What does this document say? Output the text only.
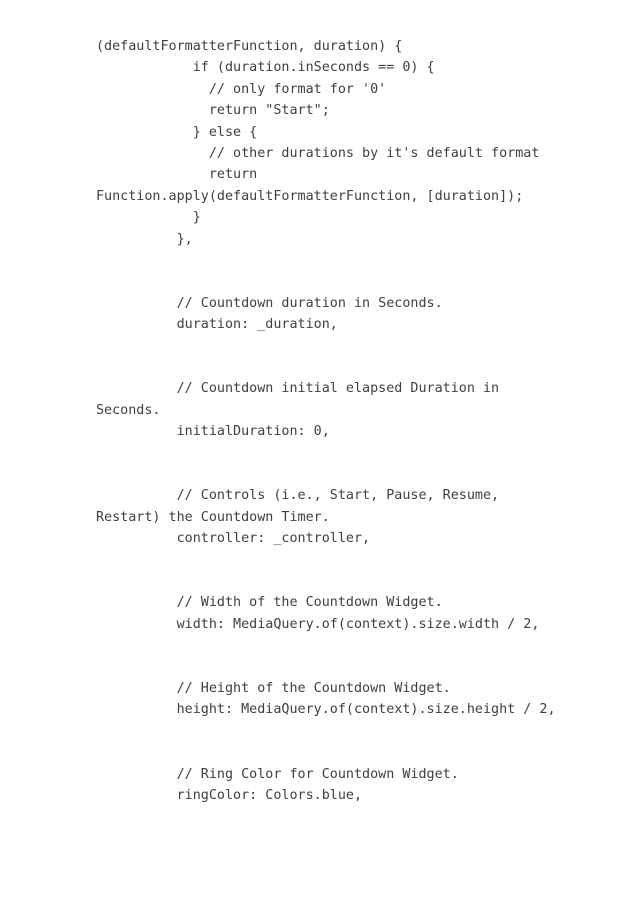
(defaultFormatterFunction, duration) {
if (duration.inSeconds == 0) {
// only format for '0'
return "Start";
} else {
// other durations by it's default format
return
Function.apply(defaultFormatterFunction, [duration]);
}
},
// Countdown duration in Seconds.
duration: _duration,
// Countdown initial elapsed Duration in
Seconds.
initialDuration: 0,
// Controls (i.e., Start, Pause, Resume,
Restart) the Countdown Timer.
controller: _controller,
// Width of the Countdown Widget.
width: MediaQuery.of(context).size.width / 2,
// Height of the Countdown Widget.
height: MediaQuery.of(context).size.height / 2,
// Ring Color for Countdown Widget.
ringColor: Colors.blue,
